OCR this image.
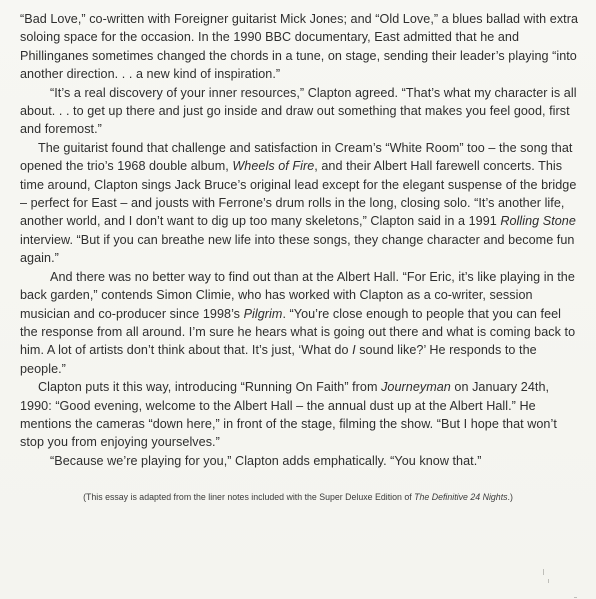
“Bad Love,” co-written with Foreigner guitarist Mick Jones; and “Old Love,” a blues ballad with extra soloing space for the occasion. In the 1990 BBC documentary, East admitted that he and Phillinganes sometimes changed the chords in a tune, on stage, sending their leader’s playing “into another direction. . . a new kind of inspiration.”

“It’s a real discovery of your inner resources,” Clapton agreed. “That’s what my character is all about. . . to get up there and just go inside and draw out something that makes you feel good, first and foremost.”

The guitarist found that challenge and satisfaction in Cream’s “White Room” too – the song that opened the trio’s 1968 double album, Wheels of Fire, and their Albert Hall farewell concerts. This time around, Clapton sings Jack Bruce’s original lead except for the elegant suspense of the bridge – perfect for East – and jousts with Ferrone’s drum rolls in the long, closing solo. “It’s another life, another world, and I don’t want to dig up too many skeletons,” Clapton said in a 1991 Rolling Stone interview. “But if you can breathe new life into these songs, they change character and become fun again.”

And there was no better way to find out than at the Albert Hall. “For Eric, it’s like playing in the back garden,” contends Simon Climie, who has worked with Clapton as a co-writer, session musician and co-producer since 1998’s Pilgrim. “You’re close enough to people that you can feel the response from all around. I’m sure he hears what is going out there and what is coming back to him. A lot of artists don’t think about that. It’s just, ‘What do I sound like?’ He responds to the people.”

Clapton puts it this way, introducing “Running On Faith” from Journeyman on January 24th, 1990: “Good evening, welcome to the Albert Hall – the annual dust up at the Albert Hall.” He mentions the cameras “down here,” in front of the stage, filming the show. “But I hope that won’t stop you from enjoying yourselves.”

“Because we’re playing for you,” Clapton adds emphatically. “You know that.”

(This essay is adapted from the liner notes included with the Super Deluxe Edition of The Definitive 24 Nights.)
